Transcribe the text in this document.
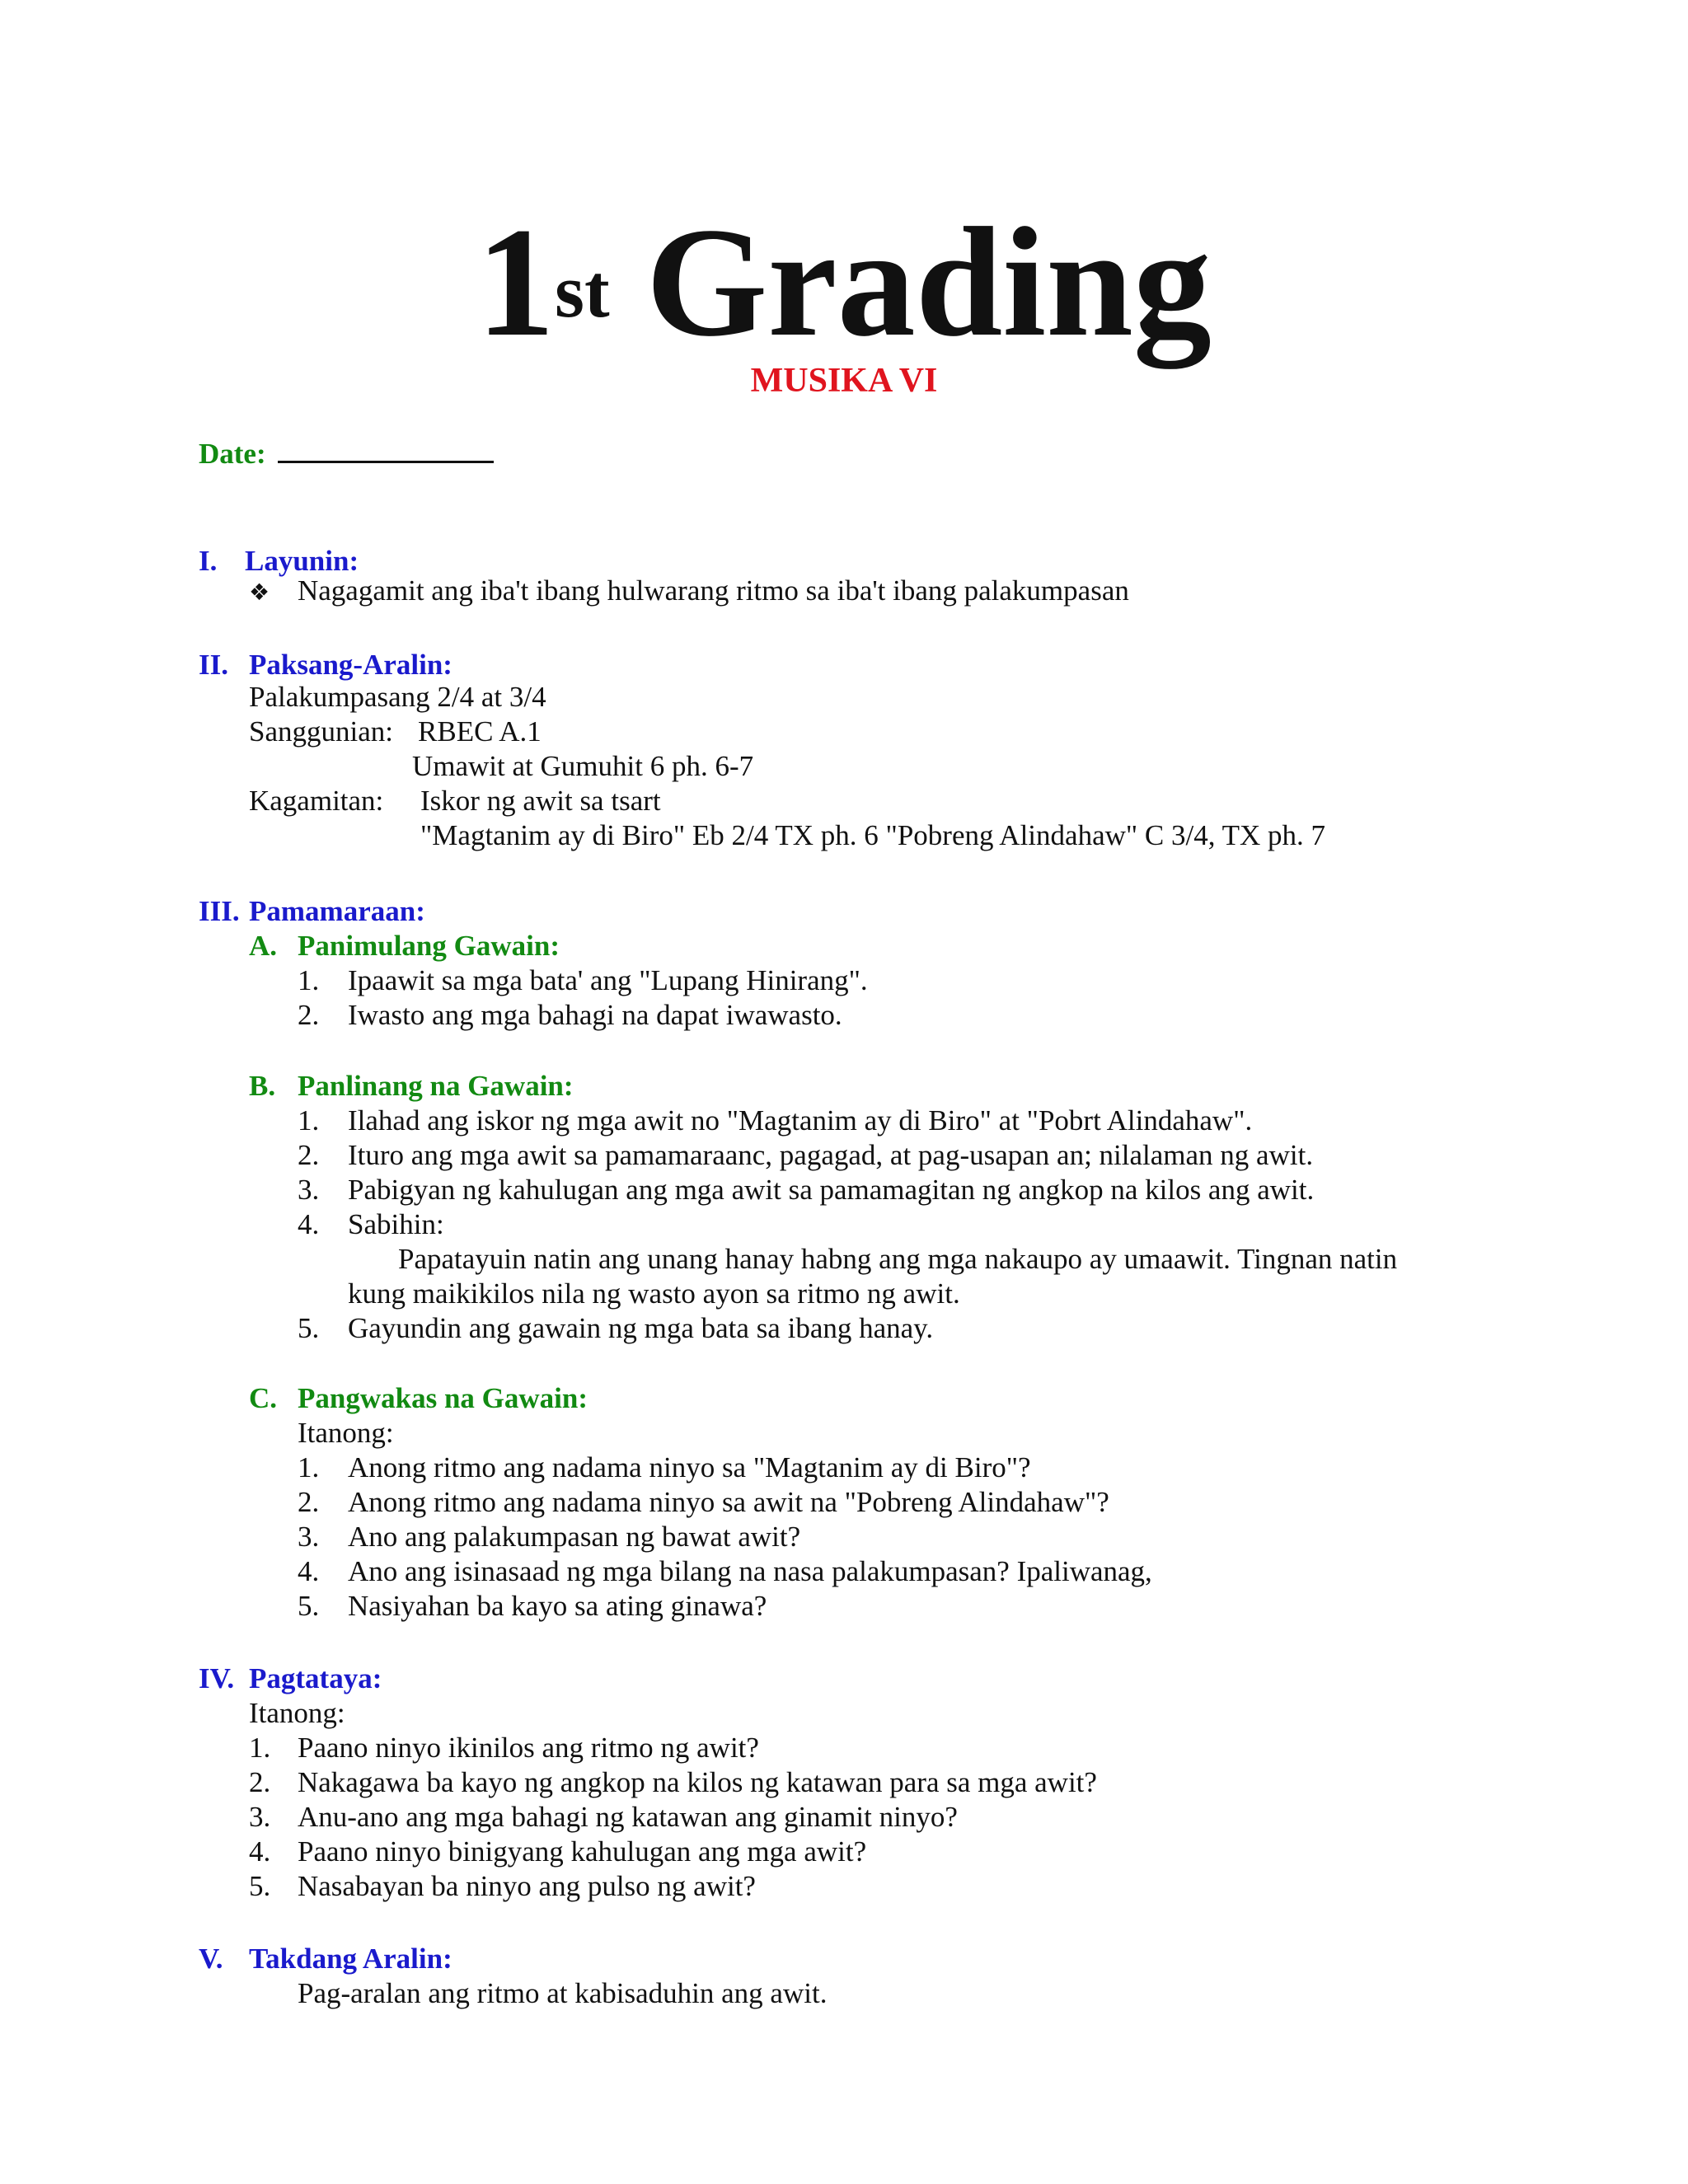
1st Grading
MUSIKA VI
Date:
I. Layunin:
❖ Nagagamit ang iba't ibang hulwarang ritmo sa iba't ibang palakumpasan
II. Paksang-Aralin:
Palakumpasang 2/4 at 3/4
Sanggunian: RBEC A.1
Umawit at Gumuhit 6 ph. 6-7
Kagamitan: Iskor ng awit sa tsart
"Magtanim ay di Biro" Eb 2/4 TX ph. 6 "Pobreng Alindahaw" C 3/4, TX ph. 7
III. Pamamaraan:
A. Panimulang Gawain:
1. Ipaawit sa mga bata' ang "Lupang Hinirang".
2. Iwasto ang mga bahagi na dapat iwawasto.
B. Panlinang na Gawain:
1. Ilahad ang iskor ng mga awit no "Magtanim ay di Biro" at "Pobrt Alindahaw".
2. Ituro ang mga awit sa pamamaraanc, pagagad, at pag-usapan an; nilalaman ng awit.
3. Pabigyan ng kahulugan ang mga awit sa pamamagitan ng angkop na kilos ang awit.
4. Sabihin:
Papatayuin natin ang unang hanay habng ang mga nakaupo ay umaawit. Tingnan natin
kung maikikilos nila ng wasto ayon sa ritmo ng awit.
5. Gayundin ang gawain ng mga bata sa ibang hanay.
C. Pangwakas na Gawain:
Itanong:
1. Anong ritmo ang nadama ninyo sa "Magtanim ay di Biro"?
2. Anong ritmo ang nadama ninyo sa awit na "Pobreng Alindahaw"?
3. Ano ang palakumpasan ng bawat awit?
4. Ano ang isinasaad ng mga bilang na nasa palakumpasan? Ipaliwanag,
5. Nasiyahan ba kayo sa ating ginawa?
IV. Pagtataya:
Itanong:
1. Paano ninyo ikinilos ang ritmo ng awit?
2. Nakagawa ba kayo ng angkop na kilos ng katawan para sa mga awit?
3. Anu-ano ang mga bahagi ng katawan ang ginamit ninyo?
4. Paano ninyo binigyang kahulugan ang mga awit?
5. Nasabayan ba ninyo ang pulso ng awit?
V. Takdang Aralin:
Pag-aralan ang ritmo at kabisaduhin ang awit.
